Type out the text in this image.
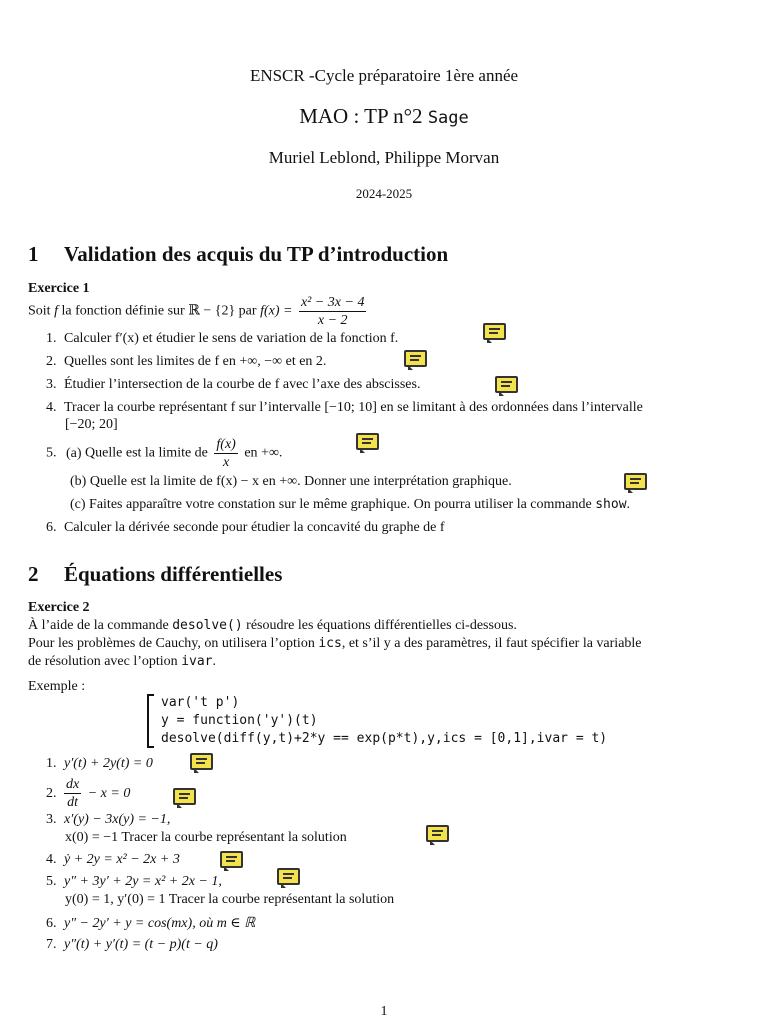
ENSCR -Cycle préparatoire 1ère année
MAO : TP n°2 Sage
Muriel Leblond, Philippe Morvan
2024-2025
1 Validation des acquis du TP d’introduction
Exercice 1
Soit f la fonction définie sur ℝ − {2} par $f(x) = \frac{\text{x² − 3x − 4}}{x - 2}$
1. Calculer f′(x) et étudier le sens de variation de la fonction f.
2. Quelles sont les limites de f en +∞, −∞ et en 2.
3. Étudier l’intersection de la courbe de f avec l’axe des abscisses.
4. Tracer la courbe représentant f sur l’intervalle [−10; 10] en se limitant à des ordonnées dans l’intervalle
[−20; 20]
5. (a) Quelle est la limite de $\frac{f(x)}{x}$ en +∞.
(b) Quelle est la limite de f(x) − x en +∞. Donner une interprétation graphique.
(c) Faites apparaître votre constation sur le même graphique. On pourra utiliser la commande show.
6. Calculer la dérivée seconde pour étudier la concavité du graphe de f
2 Équations différentielles
Exercice 2
À l’aide de la commande desolve() résoudre les équations différentielles ci-dessous.
Pour les problèmes de Cauchy, on utilisera l’option ics, et s’il y a des paramètres, il faut spécifier la variable
de résolution avec l’option ivar.
Exemple :
var('t p')
y = function('y')(t)
desolve(diff(y,t)+2*y == exp(p*t),y,ics = [0,1],ivar = t)
1. y′(t) + 2y(t) = 0
2. $\frac{dx}{dt} - x = 0$
3. x′(y) − 3x(y) = −1,
x(0) = −1 Tracer la courbe représentant la solution
4. ẏ + 2y = x² − 2x + 3
5. y″ + 3y′ + 2y = x² + 2x − 1,
y(0) = 1, y′(0) = 1 Tracer la courbe représentant la solution
6. y″ − 2y′ + y = cos(mx), où m ∈ ℝ
7. y″(t) + y′(t) = (t − p)(t − q)
1
